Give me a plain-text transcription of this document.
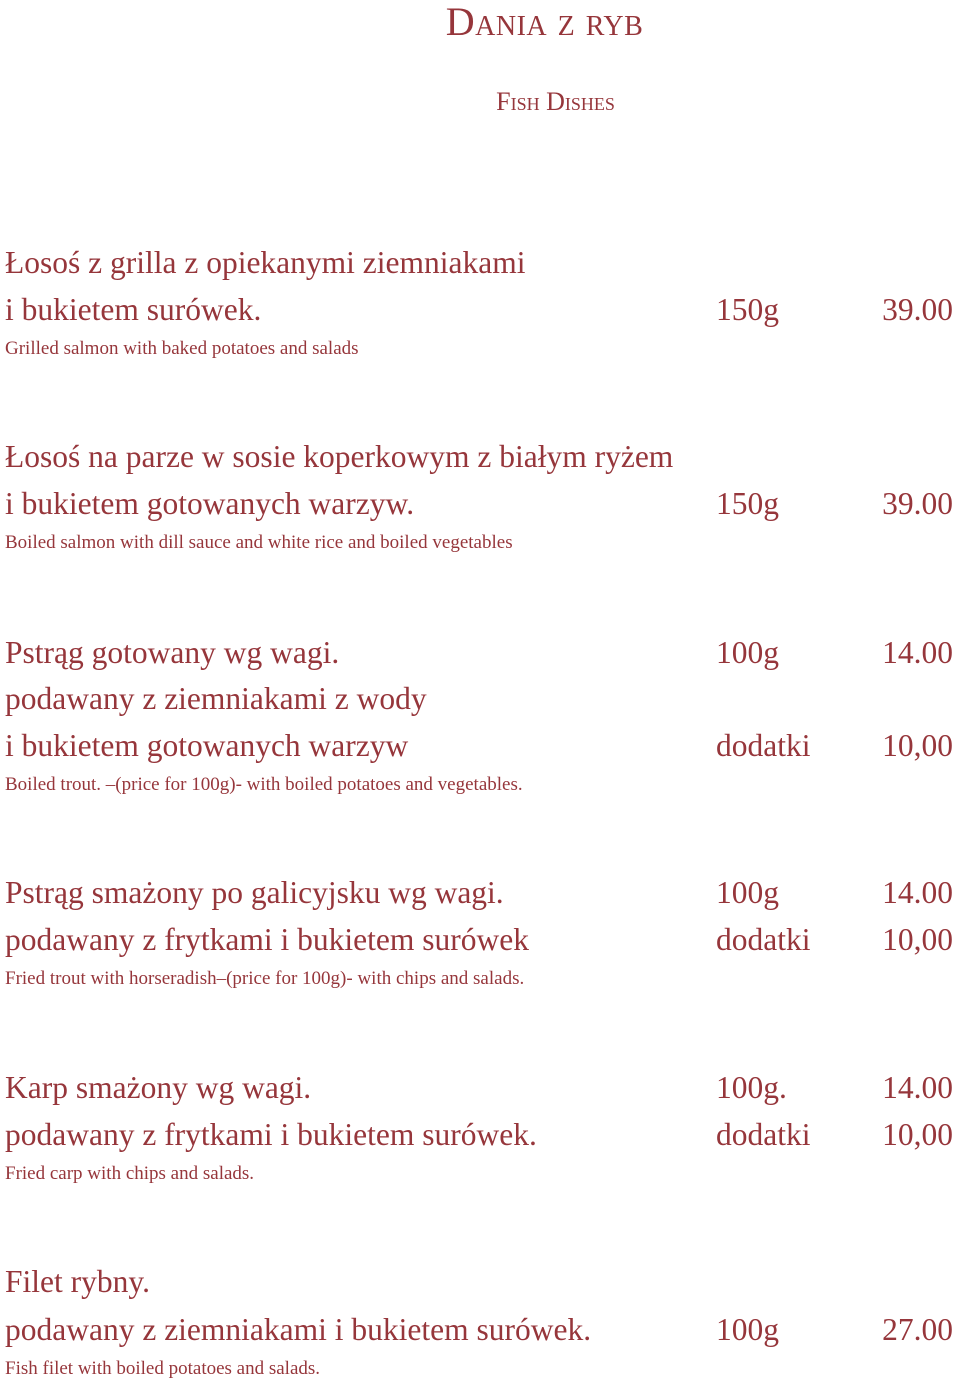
Dania z ryb
Fish Dishes
Łosoś z grilla z opiekanymi ziemniakami
i bukietem surówek.	150g	39.00
Grilled salmon with baked potatoes and salads
Łosoś na parze w sosie koperkowym z białym ryżem
i bukietem gotowanych warzyw.	150g	39.00
Boiled salmon with dill sauce and white rice and boiled vegetables
Pstrąg gotowany wg wagi.	100g	14.00
podawany z ziemniakami z wody
i bukietem gotowanych warzyw	dodatki 10,00
Boiled trout. –(price for 100g)- with boiled potatoes and vegetables.
Pstrąg smażony po galicyjsku wg wagi.	100g	14.00
podawany z frytkami i bukietem surówek	dodatki 10,00
Fried trout with horseradish–(price for 100g)- with chips and salads.
Karp smażony wg wagi.	100g.	14.00
podawany z frytkami i bukietem surówek.	dodatki 10,00
Fried carp with chips and salads.
Filet rybny.
podawany z ziemniakami i bukietem surówek.	100g	27.00
Fish filet with boiled potatoes and salads.
